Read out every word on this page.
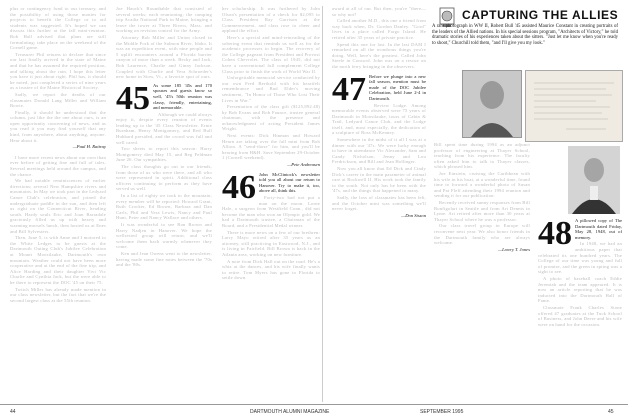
plus or contingency fund to our treasury, and the possibility of using those monies for projects to benefit the College or to aid students was suggested. It's hoped we can discuss this further at the fall mini-reunion. Bob Hall advised that plans are still formulating; take place on the weekend of the Cornell game.

Treasurer Phil returns to declare that since our last finally arrived in the state of Maine and that he has assumed the required position, and talking about the rain. I hope this letter you have it just about right. Phil has, it should be noted, just completed a series of nine years as a trustee of the Maine Historical Society.

Sadly, we report the deaths of our classmates Donald Lang Miller and William Bowie.

Finally, it should be understood that the column, just like the the one about ours, is an open opportunity concerning of news, and as you read it you may find yourself that any kind, from anywhere, about anything, anyone. Hear about it.

—Paul H. Rattray

I have more recent news about our own than ever before of getting fine and full of tales. Several meetings held around the campus, and the chance.

We had notable reminiscences of earlier directions; several New Hampshire rivers and mountains. In May we took part in the Ledyard Canoe Club's celebration, and joined the undergraduate paddle in the sun, and then left us right on the Connecticut River, heading south. Hardy souls Eric and Joan Barradale graciously filled us up with hearty and warming morsels lunch, then hosted us at Enes and Bill Sylvesters.

Then, June 5, is with Anne and I motored to the White Ledges to be guests at the Dartmouth Outing Club's Jubilee Celebration at Mount Moosilauke, Dartmouth's own mountain. Weather could not have been more cooperative and at the end of the fine trip, and Alice Harding and their daughter Vivi Vic Charlie and Cynthia Jack, but the were able to be there to represent the DOC '45 on their 75.

Twitch Miller has already made mention in our class newsletter, but the fact that we're the second largest class at the 55th reunion.

Joe Hauck's Roundtable that consisted of several weeks; each reunioning; the camping trip Acadia National Park in Maine, bringing a leave the tower at Three Rivers, Mass. and working on revision control for the Army.

Attorney Bob Miller and Union closed in the Middle Fork of the Salmon River, Idaho. It was an expedition event, with nine people and 5 uplift encounters around a Florida barrier canyon of more than a week. Becky and Jack, Bob Laurence, Charlie and Ginny Jackson. Coupled with Charlie and Vera Schroeder's new home in Stow, Vt., a favorite spot of ours.

45 As some 185 '45s and 170 spouses and guests know so well, '45's 50th reunion was classy, friendly, entertaining, and memorable.

Although we could always enjoy it, despite every reunion of events leading up to the '45 Class Newsletter. Ernie Burnham, Henry Montgomery, and Red Bull Hubbard presided, and the crowd was full and well cared.

Two sheets to report this season: Harry Montgomery died May 15, and Reg Feldman June 26. Our sympathies.

The class thoughts go out to our friends, from those of us who were there, and all who were represented in spirit. Additional class officers continuing to perform as they have served us well.

In a list of eighty we took to the mountain, every member will be reported: Howard Grant, Ruth Crocker, Ed Brown, Barbara and Dan Carls, Phil and Vera Lewis, Nancy and Paul Hunt, Peter and Nancy Wallace and others.

It was wonderful to see Ron Brown and Harry Nadjen in Hanover. We hope the wellrested group will return, and we'll welcome them back warmly whenever they come.

Ken and Jean Owens went to the newsletter, having made some fine notes between the '70s and the '80s.

her scholarship. It was furthered by John Olson's presentation of a check for $2,095 to Class President Ray Garrison at the Commencement, and class rose to cheer and applaud the effort.

Here's a special and mind-reinvading of the sobering event that reminds us well as for the academic processes to begin. The recovery of the College pageant from President and Provost Cohen Chevrolet. The class of 1945, did not have a conventional full complement College Class prior to finish the work of World War II.

Unforgettable memorial service conducted by our own Fred Berthold with his heartfelt remembrance and Bud Elder's moving sentiment, "In Honor of Those Who Lost Their Lives in War."

Presentation of the class gift ($125,892.48) by Bob Evans and Bob Faunce, trustee general chairman, with the presence and acknowledgment of acting President James Wright.

Next events: Dick Hinman and Howard Hearn are taking over the fall mini from Bob Allton. A "send-those" for him, and you'll be hearing from H&H. Save September 29-October 1 (Cornell weekend).

—Pete Andreasen

46 John McClintock's newsletter told you all about our return to Hanover. Try to make it, too, above all, think this.

Forty-two had not put a man on the moon. Lorne Hale, a surgeon from Westfield Conn., did not become the man who won an Olympic gold. We had a Dartmouth trustee, a Chairman of the Board, and a Presidential Medal winner.

There is more news on a few of our brethren: Larry Mayo retired after 35 years as an attorney, still practicing in Eastwood, N.J., and is living in Fairfield. Bill Brown is back in the Atlanta area, working on new furniture.

A note from Dick Hall out on the road. He's a whiz at the dances, and his wife finally wants to retire. Tom Myers has gone to Florida to settle down.

award at all of our. But then, you're "there—so why not?

Called another M.D., this one a friend from way back when, Dr. Gordon Danley. "Gord" lives in a place called Fargo Island. He retired after 35 years of private practice.

Spend this one for last. In the last DAM I remarked on all the wondrous things you're doing. Well, here's the greatest. Called John Steele in Concord. John was on a rescue on the north ferry bringing in the observers.

47 Before we plunge into a new fall season, mention must be made of the DOC Jubilee Celebration, held June 2-4 in Dartmouth.

Review Lodge. Among memorable events observed were 75 years of Dartmouth in Moosilauke, tours of Cabin & Trail, Ledyard Canoe Club, and the Lodge itself, and, most especially, the dedication of a sculpture of Ross McKenney.

Somewhere in the midst of it all I was at a dinner with our '47s. We were lucky enough to have in attendance Vic Alexander, Sam and Candy Nicholson, Jenny and Lou Fredrickson, and Bill and Jean Hollinger.

Now you all know that Ed Dick and Cindy Dick's career in the main parameter of animal care at Rockwell II. His work took the family to the south. Not only has he been with the '47s, and the things that happened to many.

Sadly, the loss of classmates has been felt, and the October mini was something we'll never forget.

—Don Sisson

CAPTURING THE ALLIES
A rare photograph in WW II, Robert Bull '45 assisted Maurice Constant in creating portraits of the leaders of the Allied nations. In his special sessions program, "Architects of Victory," he told dramatic stories of his experiences taken about the sitters. "Just let me know when you're ready to shoot," Churchill told them, "and I'll give you my look."

Bill spent time during 1994 as an adjunct professor of engineering at Thayer School, teaching from his experience. The faculty often asked him to talk to Thayer classes, which pleased him.

Joe Einstein, cruising the Caribbean with his wife in his boat, at a wonderful time, found time to forward a wonderful photo of Susan and Pat Fleff attending their 1994 reunion and sending it for our publication.

Recently received sunny responses from Bill Bonfigolari in Seattle and from Art Dennis in Lyme. Art retired after more than 30 years at Thayer School where he was a professor.

Our class travel group in Europe will reconvene next year. We also honor friends in the Dartmouth family who are always welcome.

—Lowry T. Jones 48 A pillowed copy of The Dartmouth dated Friday, May 28, 1948, out of memory.

In 1948, we had an ambitious paper that celebrated its one hundred years. The College of our time was young and full of promise, and the green in spring was a sight to see.

A photo of baseball coach Eddie Jeremiah and the team appeared. It is now an article reporting that he was inducted into the Dartmouth Hall of Fame.

Classmate Frank Charles Stone offered 47 graduates at the Tuck School of Business, and John Deere and his wife were on hand for the occasion.

44	DARTMOUTH ALUMNI MAGAZINE	SEPTEMBER 1995	45
